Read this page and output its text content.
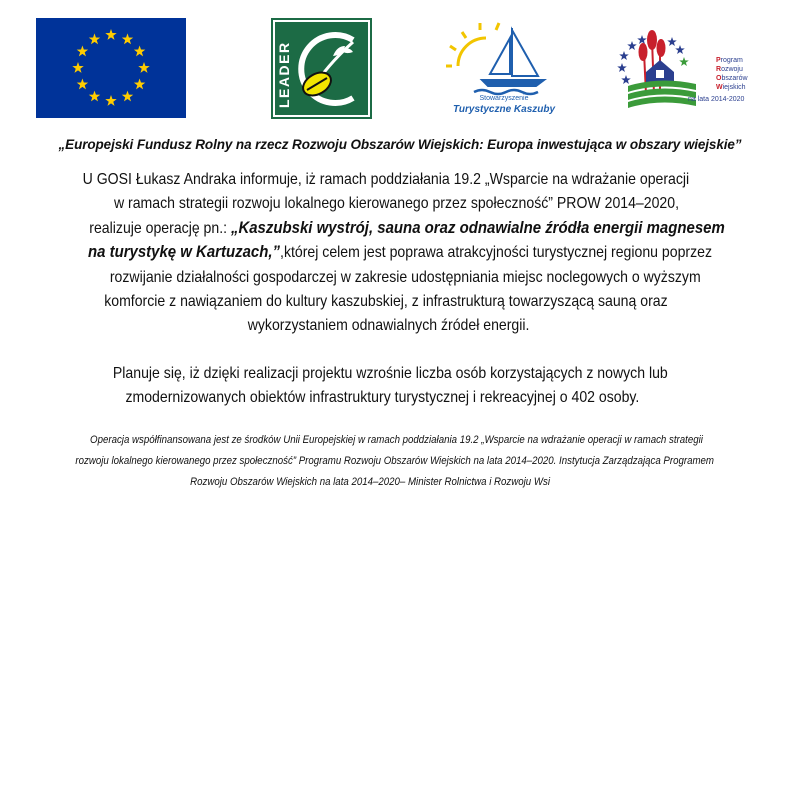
LEADER	Stowarzyszenie
Turystyczne Kaszuby
Program
Rozwoju
Obszarów
Wiejskich
na lata 2014-2020
„Europejski Fundusz Rolny na rzecz Rozwoju Obszarów Wiejskich: Europa inwestująca w obszary wiejskie”
U GOSI Łukasz Andraka informuje, iż ramach poddziałania 19.2 „Wsparcie na wdrażanie operacji
w ramach strategii rozwoju lokalnego kierowanego przez społeczność” PROW 2014–2020,
realizuje operację pn.: „Kaszubski wystrój, sauna oraz odnawialne źródła energii magnesem
na turystykę w Kartuzach,”,której celem jest poprawa atrakcyjności turystycznej regionu poprzez
rozwijanie działalności gospodarczej w zakresie udostępniania miejsc noclegowych o wyższym
komforcie z nawiązaniem do kultury kaszubskiej, z infrastrukturą towarzyszącą sauną oraz
wykorzystaniem odnawialnych źródeł energii.
Planuje się, iż dzięki realizacji projektu wzrośnie liczba osób korzystających z nowych lub
zmodernizowanych obiektów infrastruktury turystycznej i rekreacyjnej o 402 osoby.
Operacja współfinansowana jest ze środków Unii Europejskiej w ramach poddziałania 19.2 „Wsparcie na wdrażanie operacji w ramach strategii
rozwoju lokalnego kierowanego przez społeczność” Programu Rozwoju Obszarów Wiejskich na lata 2014–2020. Instytucja Zarządzająca Programem
Rozwoju Obszarów Wiejskich na lata 2014–2020– Minister Rolnictwa i Rozwoju Wsi
